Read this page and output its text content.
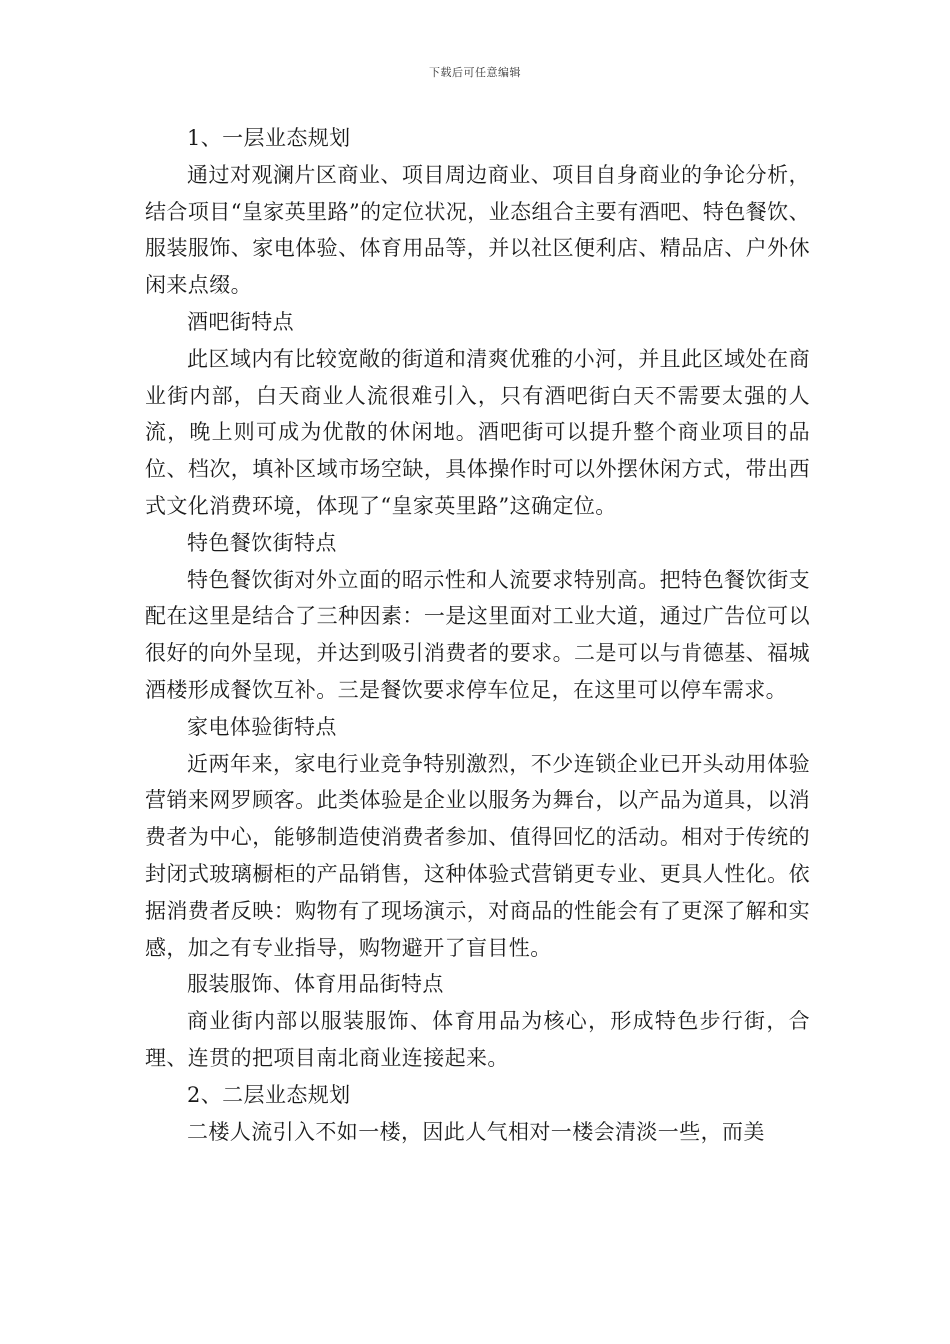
下载后可任意编辑

1、一层业态规划

通过对观澜片区商业、项目周边商业、项目自身商业的争论分析，结合项目“皇家英里路”的定位状况，业态组合主要有酒吧、特色餐饮、服装服饰、家电体验、体育用品等，并以社区便利店、精品店、户外休闲来点缀。

酒吧街特点

此区域内有比较宽敞的街道和清爽优雅的小河，并且此区域处在商业街内部，白天商业人流很难引入，只有酒吧街白天不需要太强的人流，晚上则可成为优散的休闲地。酒吧街可以提升整个商业项目的品位、档次，填补区域市场空缺，具体操作时可以外摆休闲方式，带出西式文化消费环境，体现了“皇家英里路”这确定位。

特色餐饮街特点

特色餐饮街对外立面的昭示性和人流要求特别高。把特色餐饮街支配在这里是结合了三种因素：一是这里面对工业大道，通过广告位可以很好的向外呈现，并达到吸引消费者的要求。二是可以与肯德基、福城酒楼形成餐饮互补。三是餐饮要求停车位足，在这里可以停车需求。

家电体验街特点

近两年来，家电行业竞争特别激烈，不少连锁企业已开头动用体验营销来网罗顾客。此类体验是企业以服务为舞台，以产品为道具，以消费者为中心，能够制造使消费者参加、值得回忆的活动。相对于传统的封闭式玻璃橱柜的产品销售，这种体验式营销更专业、更具人性化。依据消费者反映：购物有了现场演示，对商品的性能会有了更深了解和实感，加之有专业指导，购物避开了盲目性。

服装服饰、体育用品街特点

商业街内部以服装服饰、体育用品为核心，形成特色步行街，合理、连贯的把项目南北商业连接起来。

2、二层业态规划

二楼人流引入不如一楼，因此人气相对一楼会清淡一些，而美
